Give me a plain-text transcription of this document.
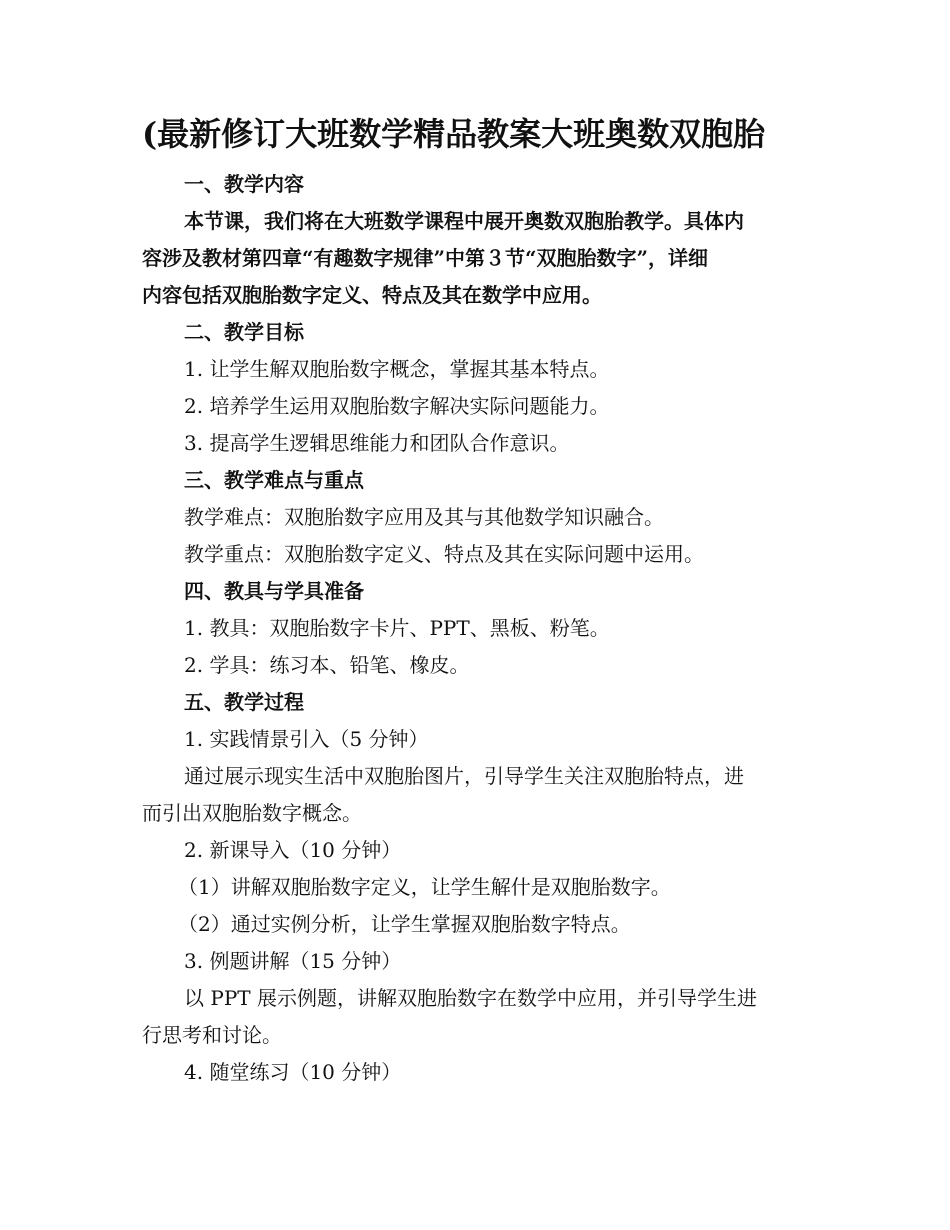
(最新修订大班数学精品教案大班奥数双胞胎

一、教学内容

本节课，我们将在大班数学课程中展开奥数双胞胎教学。具体内

容涉及教材第四章“有趣数字规律”中第３节“双胞胎数字”，详细

内容包括双胞胎数字定义、特点及其在数学中应用。

二、教学目标

1. 让学生解双胞胎数字概念，掌握其基本特点。

2. 培养学生运用双胞胎数字解决实际问题能力。

3. 提高学生逻辑思维能力和团队合作意识。

三、教学难点与重点

教学难点：双胞胎数字应用及其与其他数学知识融合。

教学重点：双胞胎数字定义、特点及其在实际问题中运用。

四、教具与学具准备

1. 教具：双胞胎数字卡片、PPT、黑板、粉笔。

2. 学具：练习本、铅笔、橡皮。

五、教学过程

1. 实践情景引入（5 分钟）

通过展示现实生活中双胞胎图片，引导学生关注双胞胎特点，进

而引出双胞胎数字概念。

2. 新课导入（10 分钟）

（1）讲解双胞胎数字定义，让学生解什是双胞胎数字。

（2）通过实例分析，让学生掌握双胞胎数字特点。

3. 例题讲解（15 分钟）

以 PPT 展示例题，讲解双胞胎数字在数学中应用，并引导学生进

行思考和讨论。

4. 随堂练习（10 分钟）
